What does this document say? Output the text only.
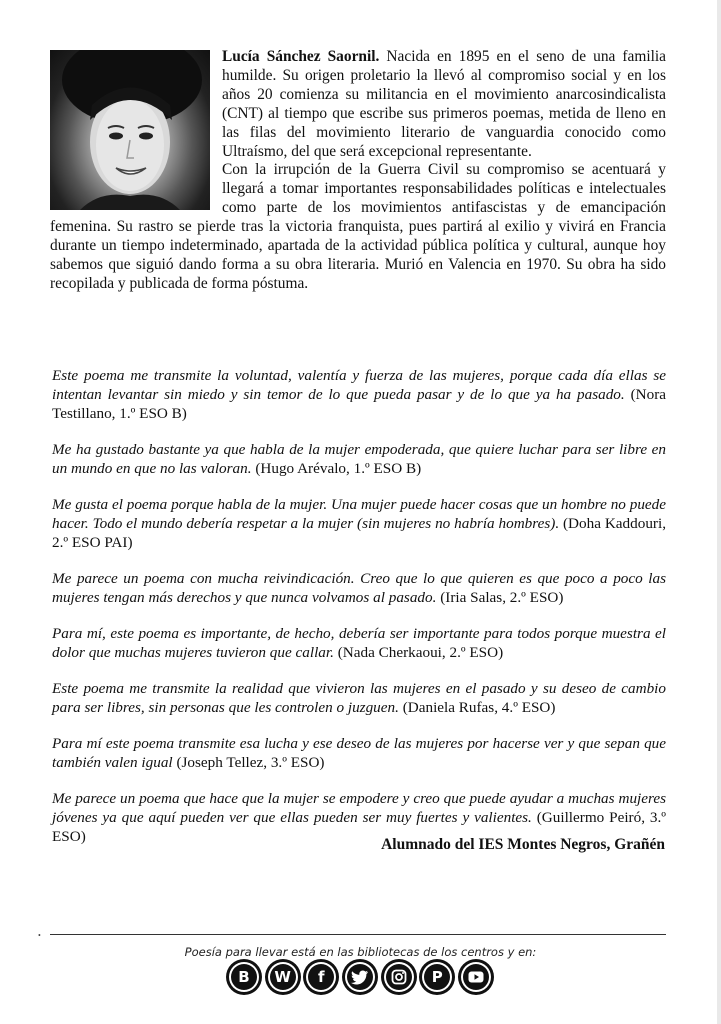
Lucía Sánchez Saornil. Nacida en 1895 en el seno de una familia humilde. Su origen proletario la llevó al compromiso social y en los años 20 comienza su militancia en el movimiento anarcosindicalista (CNT) al tiempo que escribe sus primeros poemas, metida de lleno en las filas del movimiento literario de vanguardia conocido como Ultraísmo, del que será excepcional representante.

Con la irrupción de la Guerra Civil su compromiso se acentuará y llegará a tomar importantes responsabilidades políticas e intelectuales como parte de los movimientos antifascistas y de emancipación femenina. Su rastro se pierde tras la victoria franquista, pues partirá al exilio y vivirá en Francia durante un tiempo indeterminado, apartada de la actividad pública política y cultural, aunque hoy sabemos que siguió dando forma a su obra literaria. Murió en Valencia en 1970. Su obra ha sido recopilada y publicada de forma póstuma.

Este poema me transmite la voluntad, valentía y fuerza de las mujeres, porque cada día ellas se intentan levantar sin miedo y sin temor de lo que pueda pasar y de lo que ya ha pasado. (Nora Testillano, 1.º ESO B)

Me ha gustado bastante ya que habla de la mujer empoderada, que quiere luchar para ser libre en un mundo en que no las valoran. (Hugo Arévalo, 1.º ESO B)

Me gusta el poema porque habla de la mujer. Una mujer puede hacer cosas que un hombre no puede hacer. Todo el mundo debería respetar a la mujer (sin mujeres no habría hombres). (Doha Kaddouri, 2.º ESO PAI)

Me parece un poema con mucha reivindicación. Creo que lo que quieren es que poco a poco las mujeres tengan más derechos y que nunca volvamos al pasado. (Iria Salas, 2.º ESO)

Para mí, este poema es importante, de hecho, debería ser importante para todos porque muestra el dolor que muchas mujeres tuvieron que callar. (Nada Cherkaoui, 2.º ESO)

Este poema me transmite la realidad que vivieron las mujeres en el pasado y su deseo de cambio para ser libres, sin personas que les controlen o juzguen. (Daniela Rufas, 4.º ESO)

Para mí este poema transmite esa lucha y ese deseo de las mujeres por hacerse ver y que sepan que también valen igual (Joseph Tellez, 3.º ESO)

Me parece un poema que hace que la mujer se empodere y creo que puede ayudar a muchas mujeres jóvenes ya que aquí pueden ver que ellas pueden ser muy fuertes y valientes. (Guillermo Peiró, 3.º ESO)	Alumnado del IES Montes Negros, Grañén
•
Poesía para llevar está en las bibliotecas de los centros y en:
B	W	f	P
